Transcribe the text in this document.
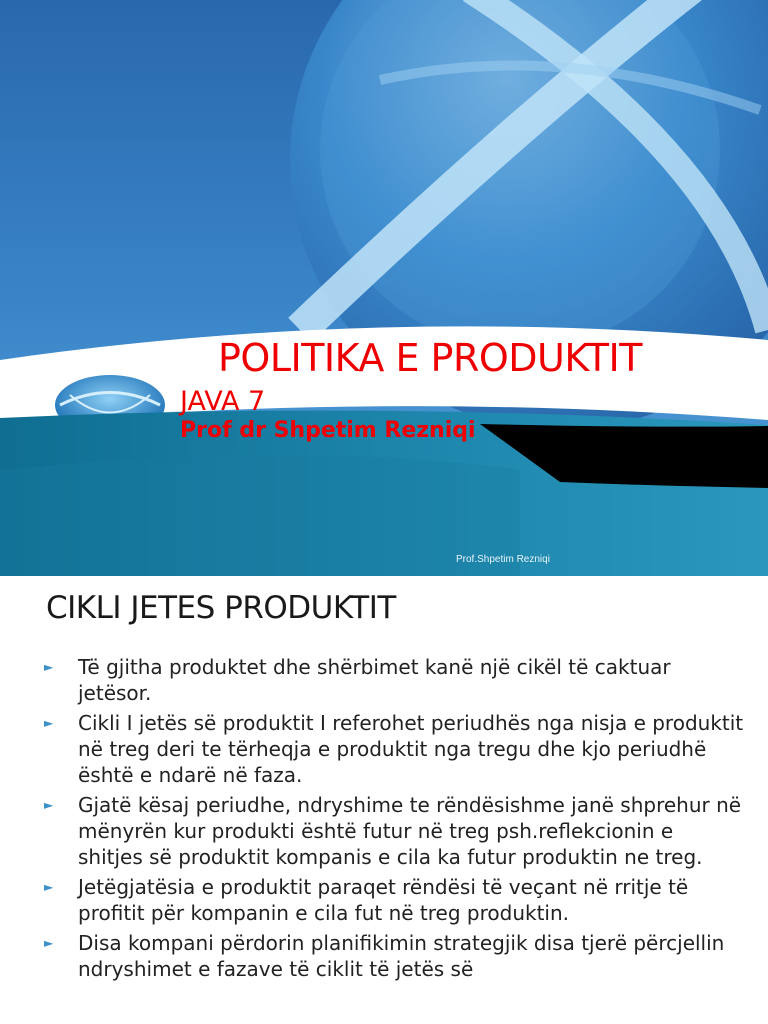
POLITIKA E PRODUKTIT
JAVA 7
Prof dr Shpetim Rezniqi
Prof.Shpetim Rezniqi
CIKLI JETES PRODUKTIT
► Të gjitha produktet dhe shërbimet kanë një cikël të caktuar jetësor.
► Cikli I jetës së produktit I referohet periudhës nga nisja e produktit në treg deri te tërheqja e produktit nga tregu dhe kjo periudhë është e ndarë në faza.
► Gjatë kësaj periudhe, ndryshime te rëndësishme janë shprehur në mënyrën kur produkti është futur në treg psh.reflekcionin e shitjes së produktit kompanis e cila ka futur produktin ne treg.
► Jetëgjatësia e produktit paraqet rëndësi të veçant në rritje të profitit për kompanin e cila fut në treg produktin.
► Disa kompani përdorin planifikimin strategjik disa tjerë përcjellin ndryshimet e fazave të ciklit të jetës së
